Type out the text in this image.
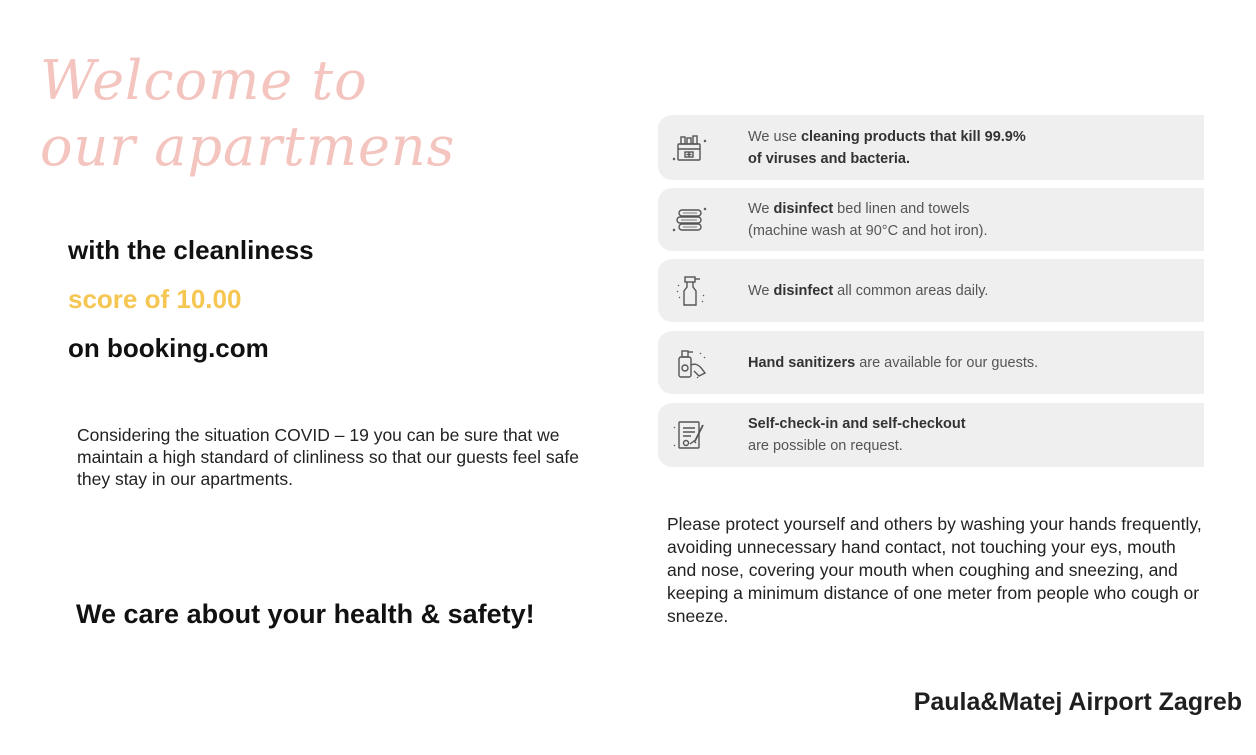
Welcome to
our apartmens
with the cleanliness
score of 10.00
on booking.com
Considering the situation COVID – 19 you can be sure that we maintain a high standard of clinliness so that our guests feel safe they stay in our apartments.
We care about your health & safety!
We use cleaning products that kill 99.9%
of viruses and bacteria.
We disinfect bed linen and towels
(machine wash at 90°C and hot iron).
We disinfect all common areas daily.
Hand sanitizers are available for our guests.
Self-check-in and self-checkout
are possible on request.
Please protect yourself and others by washing your hands frequently, avoiding unnecessary hand contact, not touching your eys, mouth and nose, covering your mouth when coughing and sneezing, and keeping a minimum distance of one meter from people who cough or sneeze.
Paula&Matej Airport Zagreb
